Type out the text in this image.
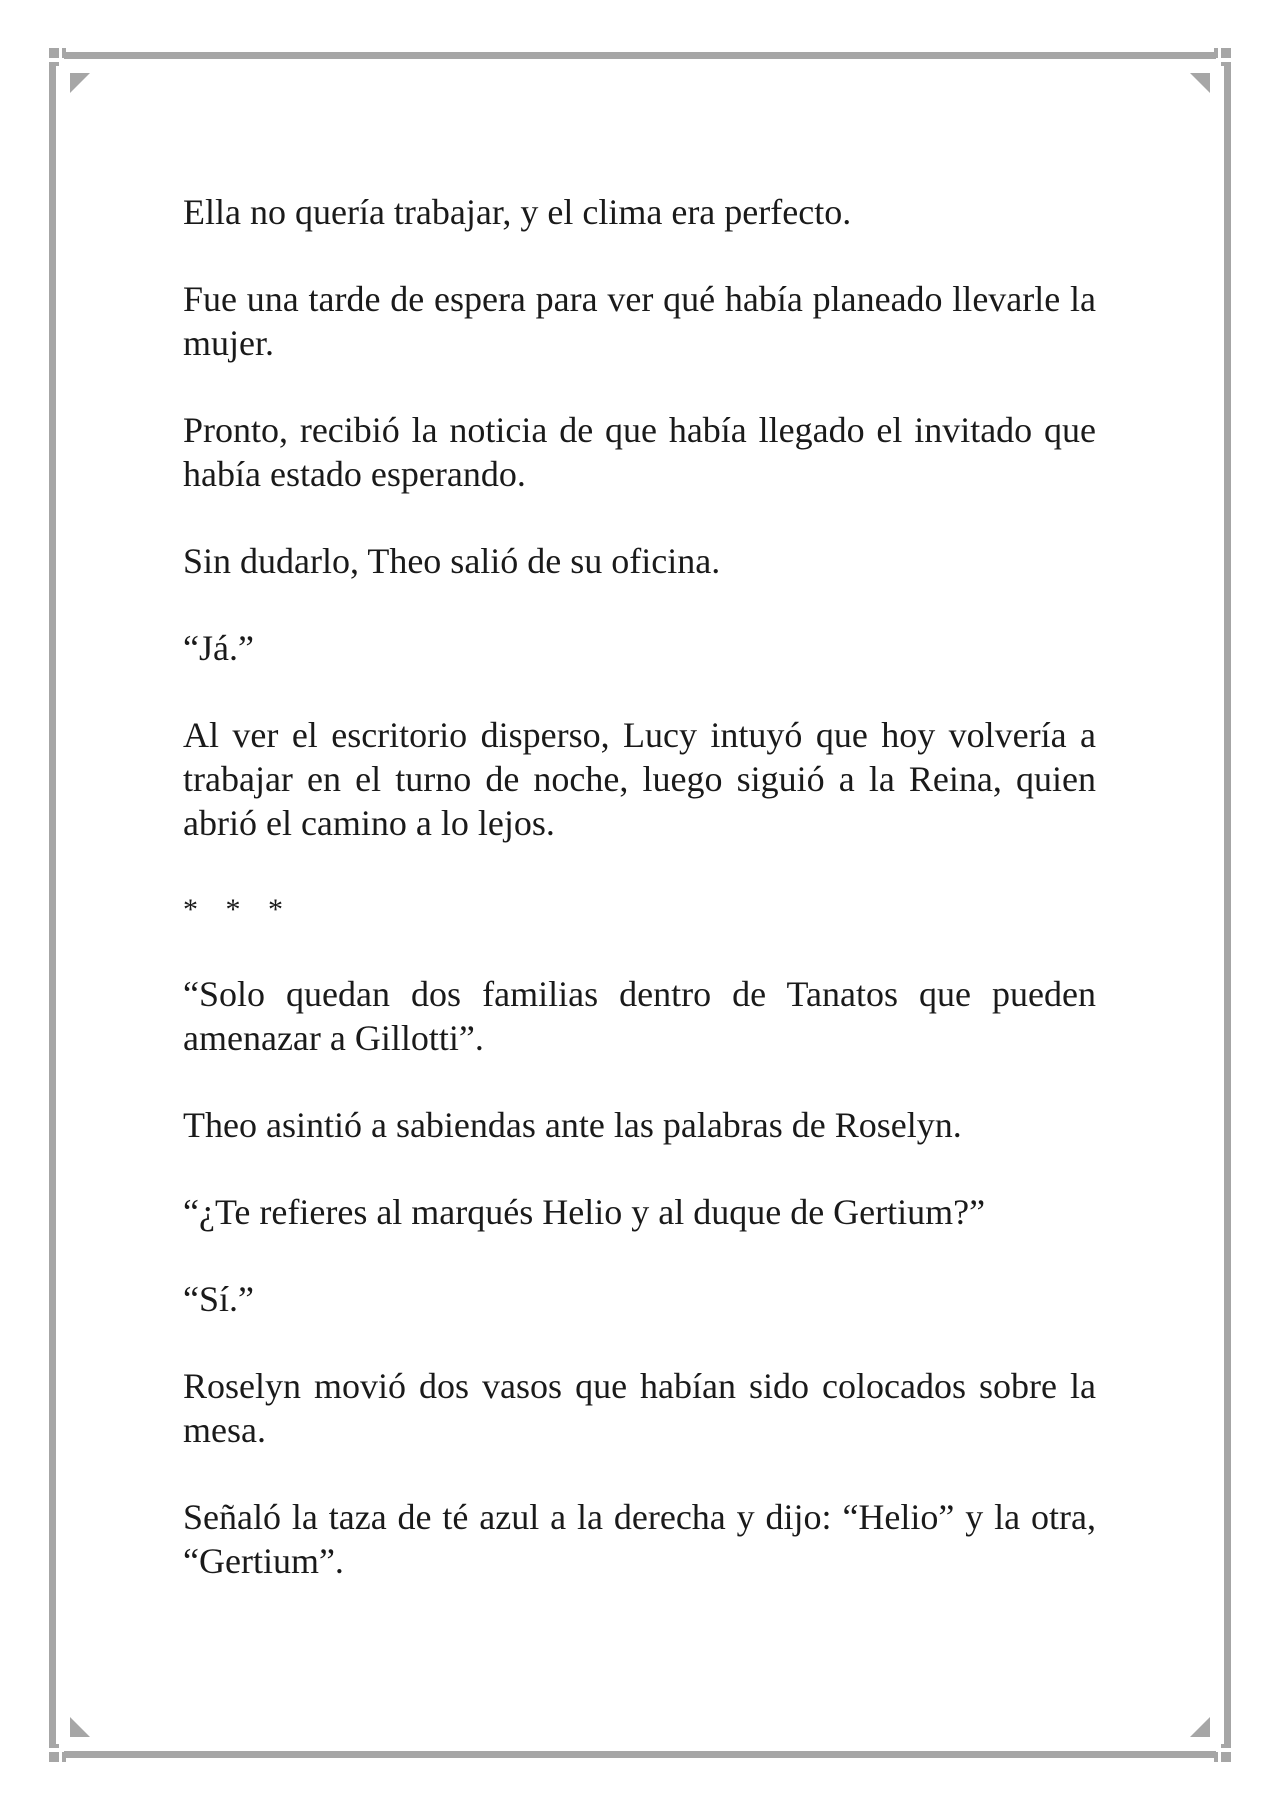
Ella no quería trabajar, y el clima era perfecto.

Fue una tarde de espera para ver qué había planeado llevarle la mujer.

Pronto, recibió la noticia de que había llegado el invitado que había estado esperando.

Sin dudarlo, Theo salió de su oficina.

“Já.”

Al ver el escritorio disperso, Lucy intuyó que hoy volvería a trabajar en el turno de noche, luego siguió a la Reina, quien abrió el camino a lo lejos.

* * *

“Solo quedan dos familias dentro de Tanatos que pueden amenazar a Gillotti”.

Theo asintió a sabiendas ante las palabras de Roselyn.

“¿Te refieres al marqués Helio y al duque de Gertium?”

“Sí.”

Roselyn movió dos vasos que habían sido colocados sobre la mesa.

Señaló la taza de té azul a la derecha y dijo: “Helio” y la otra, “Gertium”.
